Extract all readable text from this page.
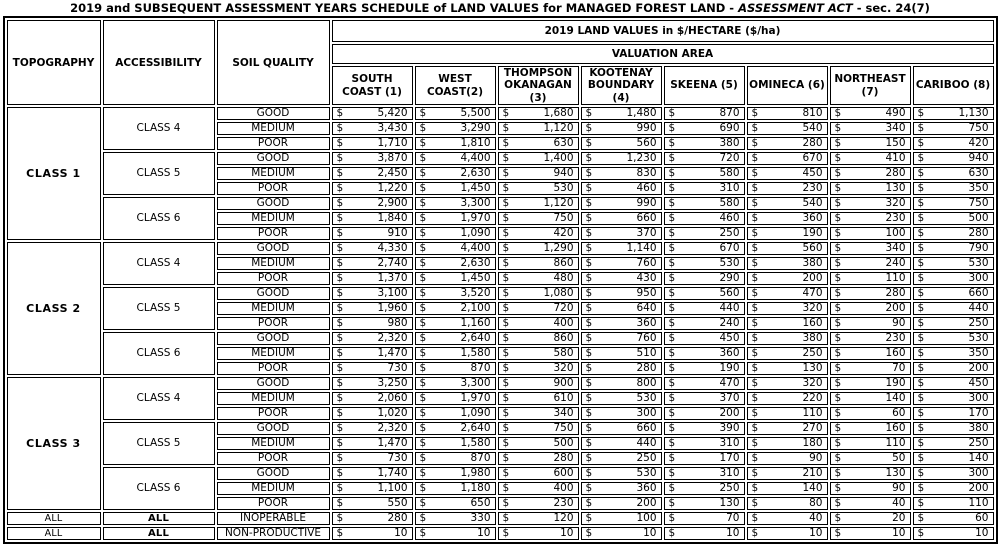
2019 and SUBSEQUENT ASSESSMENT YEARS SCHEDULE of LAND VALUES for MANAGED FOREST LAND - ASSESSMENT ACT - sec. 24(7)
TOPOGRAPHY	ACCESSIBILITY	SOIL QUALITY	2019 LAND VALUES in $/HECTARE ($/ha)							
			VALUATION AREA							
			SOUTH COAST (1)	WEST COAST(2)	THOMPSON OKANAGAN (3)	KOOTENAY BOUNDARY (4)	SKEENA (5)	OMINECA (6)	NORTHEAST (7)	CARIBOO (8)
CLASS 1	CLASS 4	GOOD	$ 5,420	$ 5,500	$ 1,680	$ 1,480	$ 870	$ 810	$ 490	$ 1,130

		MEDIUM	$ 3,430	$ 3,290	$ 1,120	$ 990	$ 690	$ 540	$ 340	$ 750

		POOR	$ 1,710	$ 1,810	$ 630	$ 560	$ 380	$ 280	$ 150	$ 420

	CLASS 5	GOOD	$ 3,870	$ 4,400	$ 1,400	$ 1,230	$ 720	$ 670	$ 410	$ 940

		MEDIUM	$ 2,450	$ 2,630	$ 940	$ 830	$ 580	$ 450	$ 280	$ 630

		POOR	$ 1,220	$ 1,450	$ 530	$ 460	$ 310	$ 230	$ 130	$ 350

	CLASS 6	GOOD	$ 2,900	$ 3,300	$ 1,120	$ 990	$ 580	$ 540	$ 320	$ 750

		MEDIUM	$ 1,840	$ 1,970	$ 750	$ 660	$ 460	$ 360	$ 230	$ 500

		POOR	$ 910	$ 1,090	$ 420	$ 370	$ 250	$ 190	$ 100	$ 280

CLASS 2	CLASS 4	GOOD	$ 4,330	$ 4,400	$ 1,290	$ 1,140	$ 670	$ 560	$ 340	$ 790

		MEDIUM	$ 2,740	$ 2,630	$ 860	$ 760	$ 530	$ 380	$ 240	$ 530

		POOR	$ 1,370	$ 1,450	$ 480	$ 430	$ 290	$ 200	$ 110	$ 300

	CLASS 5	GOOD	$ 3,100	$ 3,520	$ 1,080	$ 950	$ 560	$ 470	$ 280	$ 660

		MEDIUM	$ 1,960	$ 2,100	$ 720	$ 640	$ 440	$ 320	$ 200	$ 440

		POOR	$ 980	$ 1,160	$ 400	$ 360	$ 240	$ 160	$ 90	$ 250

	CLASS 6	GOOD	$ 2,320	$ 2,640	$ 860	$ 760	$ 450	$ 380	$ 230	$ 530

		MEDIUM	$ 1,470	$ 1,580	$ 580	$ 510	$ 360	$ 250	$ 160	$ 350

		POOR	$ 730	$ 870	$ 320	$ 280	$ 190	$ 130	$ 70	$ 200

CLASS 3	CLASS 4	GOOD	$ 3,250	$ 3,300	$ 900	$ 800	$ 470	$ 320	$ 190	$ 450

		MEDIUM	$ 2,060	$ 1,970	$ 610	$ 530	$ 370	$ 220	$ 140	$ 300

		POOR	$ 1,020	$ 1,090	$ 340	$ 300	$ 200	$ 110	$ 60	$ 170

	CLASS 5	GOOD	$ 2,320	$ 2,640	$ 750	$ 660	$ 390	$ 270	$ 160	$ 380

		MEDIUM	$ 1,470	$ 1,580	$ 500	$ 440	$ 310	$ 180	$ 110	$ 250

		POOR	$ 730	$ 870	$ 280	$ 250	$ 170	$ 90	$ 50	$ 140

	CLASS 6	GOOD	$ 1,740	$ 1,980	$ 600	$ 530	$ 310	$ 210	$ 130	$ 300

		MEDIUM	$ 1,100	$ 1,180	$ 400	$ 360	$ 250	$ 140	$ 90	$ 200

		POOR	$ 550	$ 650	$ 230	$ 200	$ 130	$ 80	$ 40	$ 110

ALL	ALL	INOPERABLE	$ 280	$ 330	$ 120	$ 100	$ 70	$ 40	$ 20	$ 60

ALL	ALL	NON-PRODUCTIVE	$ 10	$ 10	$ 10	$ 10	$ 10	$ 10	$ 10	$ 10
